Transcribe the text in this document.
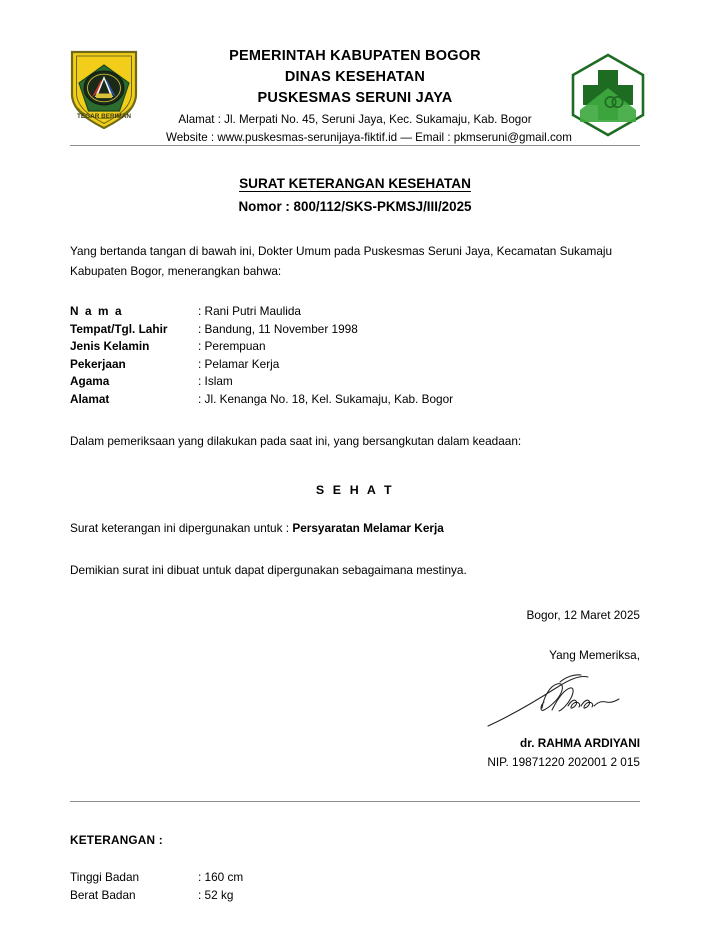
TEGAR BERIMAN
PEMERINTAH KABUPATEN BOGOR
DINAS KESEHATAN
PUSKESMAS SERUNI JAYA
Alamat : Jl. Merpati No. 45, Seruni Jaya, Kec. Sukamaju, Kab. Bogor
Website : www.puskesmas-serunijaya-fiktif.id — Email : pkmseruni@gmail.com
SURAT KETERANGAN KESEHATAN
Nomor : 800/112/SKS-PKMSJ/III/2025
Yang bertanda tangan di bawah ini, Dokter Umum pada Puskesmas Seruni Jaya, Kecamatan Sukamaju Kabupaten Bogor, menerangkan bahwa:
N a m a	: Rani Putri Maulida
Tempat/Tgl. Lahir	: Bandung, 11 November 1998
Jenis Kelamin	: Perempuan
Pekerjaan	: Pelamar Kerja
Agama	: Islam
Alamat	: Jl. Kenanga No. 18, Kel. Sukamaju, Kab. Bogor
Dalam pemeriksaan yang dilakukan pada saat ini, yang bersangkutan dalam keadaan:
S E H A T
Surat keterangan ini dipergunakan untuk : Persyaratan Melamar Kerja
Demikian surat ini dibuat untuk dapat dipergunakan sebagaimana mestinya.
Bogor, 12 Maret 2025
Yang Memeriksa,
dr. RAHMA ARDIYANI
NIP. 19871220 202001 2 015
KETERANGAN :
Tinggi Badan	: 160 cm
Berat Badan	: 52 kg
